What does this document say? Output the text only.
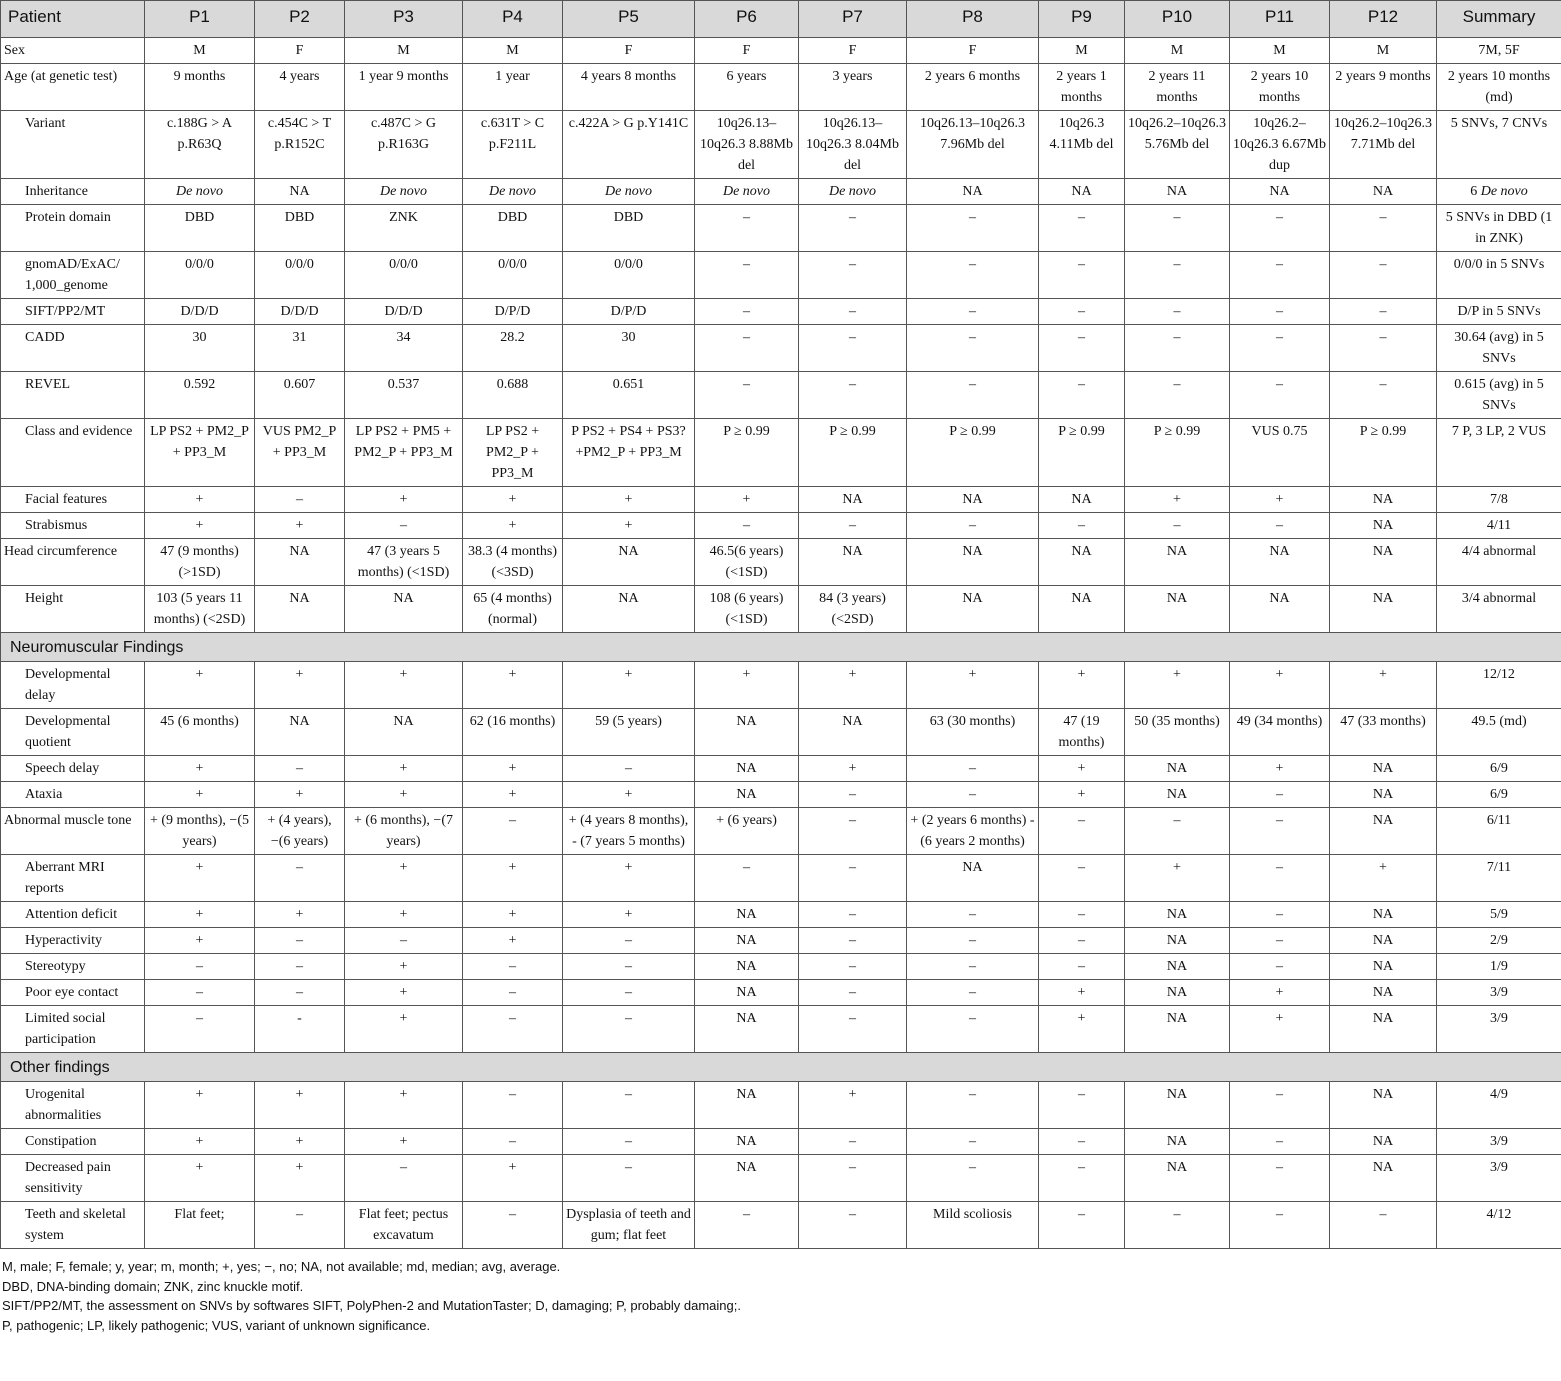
Patient	P1	P2	P3	P4	P5	P6	P7	P8	P9	P10	P11	P12	Summary
Sex	M	F	M	M	F	F	F	F	M	M	M	M	7M, 5F
Age (at genetic test)	9 months	4 years	1 year 9 months	1 year	4 years 8 months	6 years	3 years	2 years 6 months	2 years 1 months	2 years 11 months	2 years 10 months	2 years 9 months	2 years 10 months (md)
Variant	c.188G > A p.R63Q	c.454C > T p.R152C	c.487C > G p.R163G	c.631T > C p.F211L	c.422A > G p.Y141C	10q26.13–10q26.3 8.88Mb del	10q26.13–10q26.3 8.04Mb del	10q26.13–10q26.3 7.96Mb del	10q26.3 4.11Mb del	10q26.2–10q26.3 5.76Mb del	10q26.2–10q26.3 6.67Mb dup	10q26.2–10q26.3 7.71Mb del	5 SNVs, 7 CNVs
Inheritance	De novo	NA	De novo	De novo	De novo	De novo	De novo	NA	NA	NA	NA	NA	6 De novo
Protein domain	DBD	DBD	ZNK	DBD	DBD	–	–	–	–	–	–	–	5 SNVs in DBD (1 in ZNK)
gnomAD/ExAC/ 1,000_genome	0/0/0	0/0/0	0/0/0	0/0/0	0/0/0	–	–	–	–	–	–	–	0/0/0 in 5 SNVs
SIFT/PP2/MT	D/D/D	D/D/D	D/D/D	D/P/D	D/P/D	–	–	–	–	–	–	–	D/P in 5 SNVs
CADD	30	31	34	28.2	30	–	–	–	–	–	–	–	30.64 (avg) in 5 SNVs
REVEL	0.592	0.607	0.537	0.688	0.651	–	–	–	–	–	–	–	0.615 (avg) in 5 SNVs
Class and evidence	LP PS2 + PM2_P + PP3_M	VUS PM2_P + PP3_M	LP PS2 + PM5 + PM2_P + PP3_M	LP PS2 + PM2_P + PP3_M	P PS2 + PS4 + PS3?+PM2_P + PP3_M	P ≥ 0.99	P ≥ 0.99	P ≥ 0.99	P ≥ 0.99	P ≥ 0.99	VUS 0.75	P ≥ 0.99	7 P, 3 LP, 2 VUS
Facial features	+	–	+	+	+	+	NA	NA	NA	+	+	NA	7/8
Strabismus	+	+	–	+	+	–	–	–	–	–	–	NA	4/11
Head circumference	47 (9 months) (>1SD)	NA	47 (3 years 5 months) (<1SD)	38.3 (4 months) (<3SD)	NA	46.5(6 years) (<1SD)	NA	NA	NA	NA	NA	NA	4/4 abnormal
Height	103 (5 years 11 months) (<2SD)	NA	NA	65 (4 months) (normal)	NA	108 (6 years) (<1SD)	84 (3 years) (<2SD)	NA	NA	NA	NA	NA	3/4 abnormal
Neuromuscular Findings													
Developmental delay	+	+	+	+	+	+	+	+	+	+	+	+	12/12
Developmental quotient	45 (6 months)	NA	NA	62 (16 months)	59 (5 years)	NA	NA	63 (30 months)	47 (19 months)	50 (35 months)	49 (34 months)	47 (33 months)	49.5 (md)
Speech delay	+	–	+	+	–	NA	+	–	+	NA	+	NA	6/9
Ataxia	+	+	+	+	+	NA	–	–	+	NA	–	NA	6/9
Abnormal muscle tone	+ (9 months), −(5 years)	+ (4 years), −(6 years)	+ (6 months), −(7 years)	–	+ (4 years 8 months), - (7 years 5 months)	+ (6 years)	–	+ (2 years 6 months) - (6 years 2 months)	–	–	–	NA	6/11
Aberrant MRI reports	+	–	+	+	+	–	–	NA	–	+	–	+	7/11
Attention deficit	+	+	+	+	+	NA	–	–	–	NA	–	NA	5/9
Hyperactivity	+	–	–	+	–	NA	–	–	–	NA	–	NA	2/9
Stereotypy	–	–	+	–	–	NA	–	–	–	NA	–	NA	1/9
Poor eye contact	–	–	+	–	–	NA	–	–	+	NA	+	NA	3/9
Limited social participation	–	-	+	–	–	NA	–	–	+	NA	+	NA	3/9
Other findings													
Urogenital abnormalities	+	+	+	–	–	NA	+	–	–	NA	–	NA	4/9
Constipation	+	+	+	–	–	NA	–	–	–	NA	–	NA	3/9
Decreased pain sensitivity	+	+	–	+	–	NA	–	–	–	NA	–	NA	3/9
Teeth and skeletal system	Flat feet;	–	Flat feet; pectus excavatum	–	Dysplasia of teeth and gum; flat feet	–	–	Mild scoliosis	–	–	–	–	4/12
M, male; F, female; y, year; m, month; +, yes; −, no; NA, not available; md, median; avg, average.
DBD, DNA-binding domain; ZNK, zinc knuckle motif.
SIFT/PP2/MT, the assessment on SNVs by softwares SIFT, PolyPhen-2 and MutationTaster; D, damaging; P, probably damaing;.
P, pathogenic; LP, likely pathogenic; VUS, variant of unknown significance.
